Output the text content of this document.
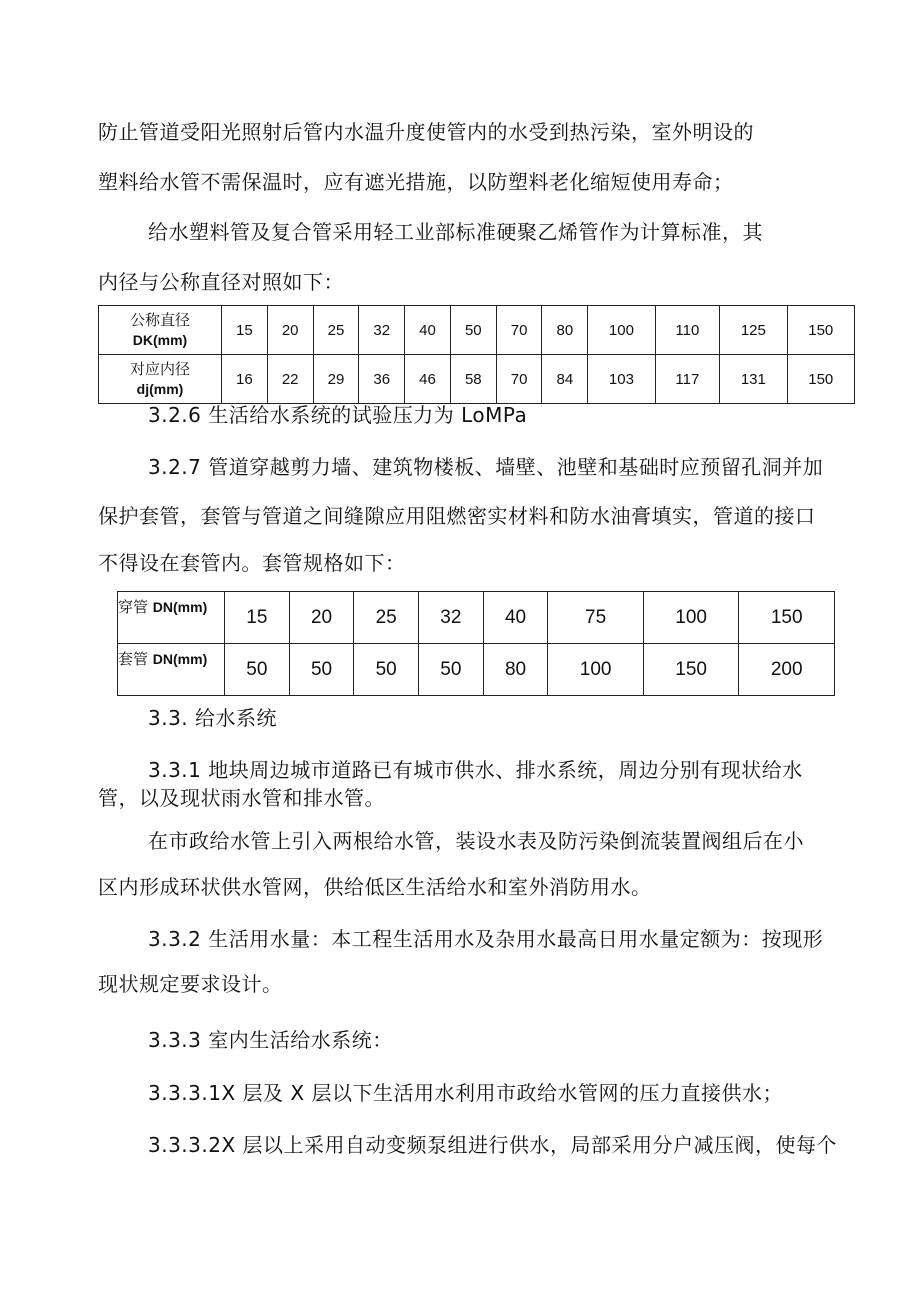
防止管道受阳光照射后管内水温升度使管内的水受到热污染，室外明设的
塑料给水管不需保温时，应有遮光措施，以防塑料老化缩短使用寿命；
给水塑料管及复合管采用轻工业部标准硬聚乙烯管作为计算标准，其
内径与公称直径对照如下：
公称直径
DK(mm)	15	20	25	32	40	50	70	80	100	110	125	150
对应内径
dj(mm)	16	22	29	36	46	58	70	84	103	117	131	150
3.2.6 生活给水系统的试验压力为 LoMPa
3.2.7 管道穿越剪力墙、建筑物楼板、墙壁、池壁和基础时应预留孔洞并加
保护套管，套管与管道之间缝隙应用阻燃密实材料和防水油膏填实，管道的接口
不得设在套管内。套管规格如下：
穿管 DN(mm)	15	20	25	32	40	75	100	150
套管 DN(mm)	50	50	50	50	80	100	150	200
3.3. 给水系统
3.3.1 地块周边城市道路已有城市供水、排水系统，周边分别有现状给水
管，以及现状雨水管和排水管。
在市政给水管上引入两根给水管，装设水表及防污染倒流装置阀组后在小
区内形成环状供水管网，供给低区生活给水和室外消防用水。
3.3.2 生活用水量：本工程生活用水及杂用水最高日用水量定额为：按现形
现状规定要求设计。
3.3.3 室内生活给水系统：
3.3.3.1X 层及 X 层以下生活用水利用市政给水管网的压力直接供水；
3.3.3.2X 层以上采用自动变频泵组进行供水，局部采用分户减压阀，使每个
